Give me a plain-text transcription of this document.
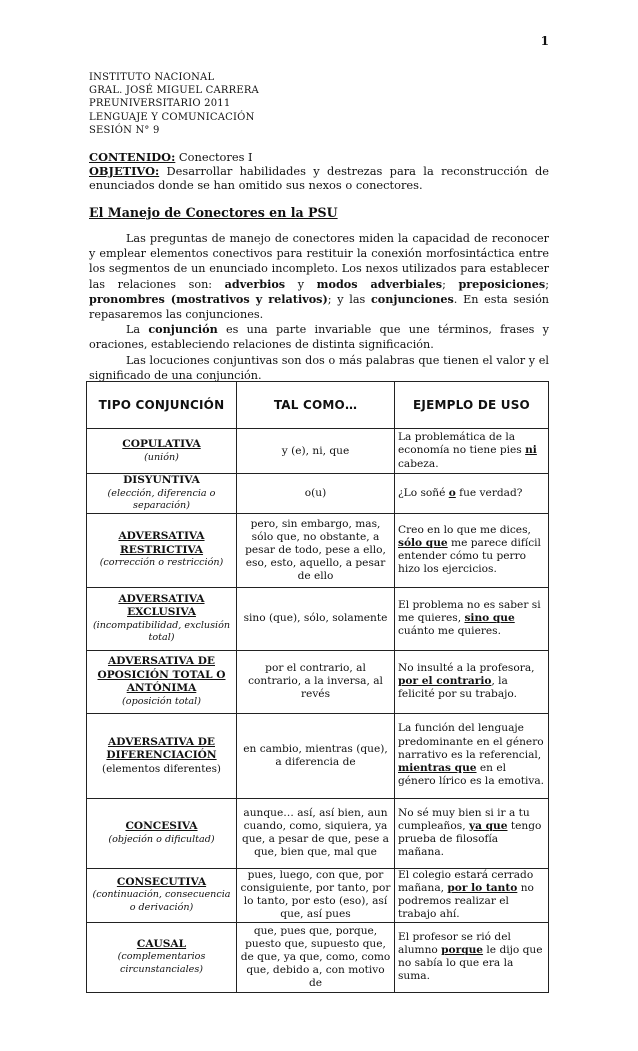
1
INSTITUTO NACIONAL
GRAL. JOSÉ MIGUEL CARRERA
PREUNIVERSITARIO 2011
LENGUAJE Y COMUNICACIÓN
SESIÓN N° 9
CONTENIDO: Conectores I
OBJETIVO: Desarrollar habilidades y destrezas para la reconstrucción de enunciados donde se han omitido sus nexos o conectores.
El Manejo de Conectores en la PSU

Las preguntas de manejo de conectores miden la capacidad de reconocer y emplear elementos conectivos para restituir la conexión morfosintáctica entre los segmentos de un enunciado incompleto. Los nexos utilizados para establecer las relaciones son: adverbios y modos adverbiales; preposiciones; pronombres (mostrativos y relativos); y las conjunciones. En esta sesión repasaremos las conjunciones.

La conjunción es una parte invariable que une términos, frases y oraciones, estableciendo relaciones de distinta significación.

Las locuciones conjuntivas son dos o más palabras que tienen el valor y el significado de una conjunción.

TIPO CONJUNCIÓN	TAL COMO…	EJEMPLO DE USO

COPULATIVA
(unión)	y (e), ni, que	La problemática de la economía no tiene pies ni cabeza.

DISYUNTIVA
(elección, diferencia o separación)	o(u)	¿Lo soñé o fue verdad?

ADVERSATIVA RESTRICTIVA
(corrección o restricción)	pero, sin embargo, mas, sólo que, no obstante, a pesar de todo, pese a ello, eso, esto, aquello, a pesar de ello	Creo en lo que me dices, sólo que me parece difícil entender cómo tu perro hizo los ejercicios.

ADVERSATIVA EXCLUSIVA
(incompatibilidad, exclusión total)	sino (que), sólo, solamente	El problema no es saber si me quieres, sino que cuánto me quieres.

ADVERSATIVA DE OPOSICIÓN TOTAL O ANTÓNIMA
(oposición total)	por el contrario, al contrario, a la inversa, al revés	No insulté a la profesora, por el contrario, la felicité por su trabajo.

ADVERSATIVA DE DIFERENCIACIÓN
(elementos diferentes)	en cambio, mientras (que), a diferencia de	La función del lenguaje predominante en el género narrativo es la referencial, mientras que en el género lírico es la emotiva.

CONCESIVA
(objeción o dificultad)	aunque… así, así bien, aun cuando, como, siquiera, ya que, a pesar de que, pese a que, bien que, mal que	No sé muy bien si ir a tu cumpleaños, ya que tengo prueba de filosofía mañana.

CONSECUTIVA
(continuación, consecuencia o derivación)	pues, luego, con que, por consiguiente, por tanto, por lo tanto, por esto (eso), así que, así pues	El colegio estará cerrado mañana, por lo tanto no podremos realizar el trabajo ahí.

CAUSAL
(complementarios circunstanciales)	que, pues que, porque, puesto que, supuesto que, de que, ya que, como, como que, debido a, con motivo de	El profesor se rió del alumno porque le dijo que no sabía lo que era la suma.
